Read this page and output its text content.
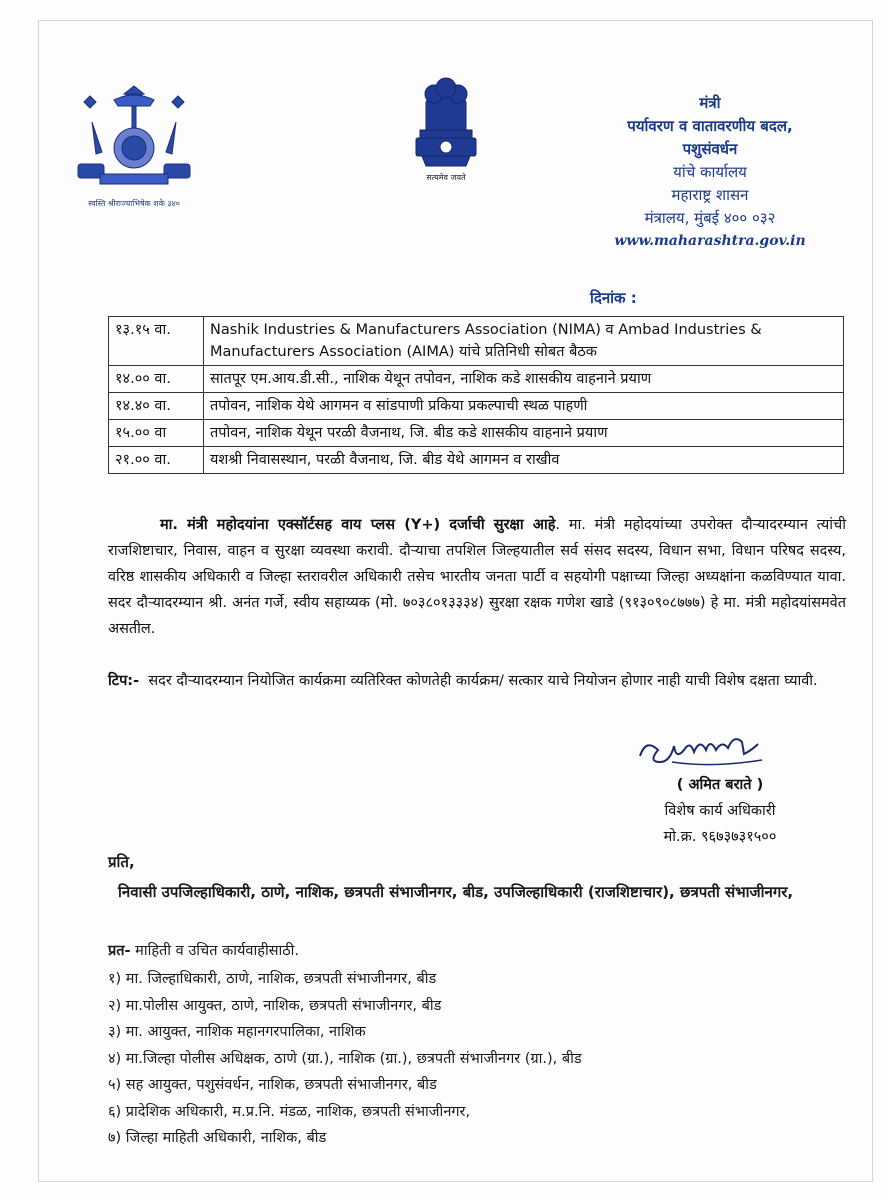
स्वस्ति श्रीराज्याभिषेक शके ३४०
सत्यमेव जयते
मंत्री
पर्यावरण व वातावरणीय बदल,
पशुसंवर्धन
यांचे कार्यालय
महाराष्ट्र शासन
मंत्रालय, मुंबई ४०० ०३२
www.maharashtra.gov.in
दिनांक :
१३.१५ वा.	Nashik Industries & Manufacturers Association (NIMA) व Ambad Industries & Manufacturers Association (AIMA) यांचे प्रतिनिधी सोबत बैठक
१४.०० वा.	सातपूर एम.आय.डी.सी., नाशिक येथून तपोवन, नाशिक कडे शासकीय वाहनाने प्रयाण
१४.४० वा.	तपोवन, नाशिक येथे आगमन व सांडपाणी प्रकिया प्रकल्पाची स्थळ पाहणी
१५.०० वा	तपोवन, नाशिक येथून परळी वैजनाथ, जि. बीड कडे शासकीय वाहनाने प्रयाण
२१.०० वा.	यशश्री निवासस्थान, परळी वैजनाथ, जि. बीड येथे आगमन व राखीव
मा. मंत्री महोदयांना एक्सॉर्टसह वाय प्लस (Y+) दर्जाची सुरक्षा आहे. मा. मंत्री महोदयांच्या उपरोक्त दौऱ्यादरम्यान त्यांची राजशिष्टाचार, निवास, वाहन व सुरक्षा व्यवस्था करावी. दौऱ्याचा तपशिल जिल्हयातील सर्व संसद सदस्य, विधान सभा, विधान परिषद सदस्य, वरिष्ठ शासकीय अधिकारी व जिल्हा स्तरावरील अधिकारी तसेच भारतीय जनता पार्टी व सहयोगी पक्षाच्या जिल्हा अध्यक्षांना कळविण्यात यावा. सदर दौऱ्यादरम्यान श्री. अनंत गर्जे, स्वीय सहाय्यक (मो. ७०३८०१३३३४) सुरक्षा रक्षक गणेश खाडे (९१३०९०८७७७) हे मा. मंत्री महोदयांसमवेत असतील.
टिप:- सदर दौऱ्यादरम्यान नियोजित कार्यक्रमा व्यतिरिक्त कोणतेही कार्यक्रम/ सत्कार याचे नियोजन होणार नाही याची विशेष दक्षता घ्यावी.
( अमित बराते )
विशेष कार्य अधिकारी
मो.क्र. ९६७३७३१५००
प्रति,
निवासी उपजिल्हाधिकारी, ठाणे, नाशिक, छत्रपती संभाजीनगर, बीड, उपजिल्हाधिकारी (राजशिष्टाचार), छत्रपती संभाजीनगर,
प्रत- माहिती व उचित कार्यवाहीसाठी.
१) मा. जिल्हाधिकारी, ठाणे, नाशिक, छत्रपती संभाजीनगर, बीड
२) मा.पोलीस आयुक्त, ठाणे, नाशिक, छत्रपती संभाजीनगर, बीड
३) मा. आयुक्त, नाशिक महानगरपालिका, नाशिक
४) मा.जिल्हा पोलीस अधिक्षक, ठाणे (ग्रा.), नाशिक (ग्रा.), छत्रपती संभाजीनगर (ग्रा.), बीड
५) सह आयुक्त, पशुसंवर्धन, नाशिक, छत्रपती संभाजीनगर, बीड
६) प्रादेशिक अधिकारी, म.प्र.नि. मंडळ, नाशिक, छत्रपती संभाजीनगर,
७) जिल्हा माहिती अधिकारी, नाशिक, बीड
